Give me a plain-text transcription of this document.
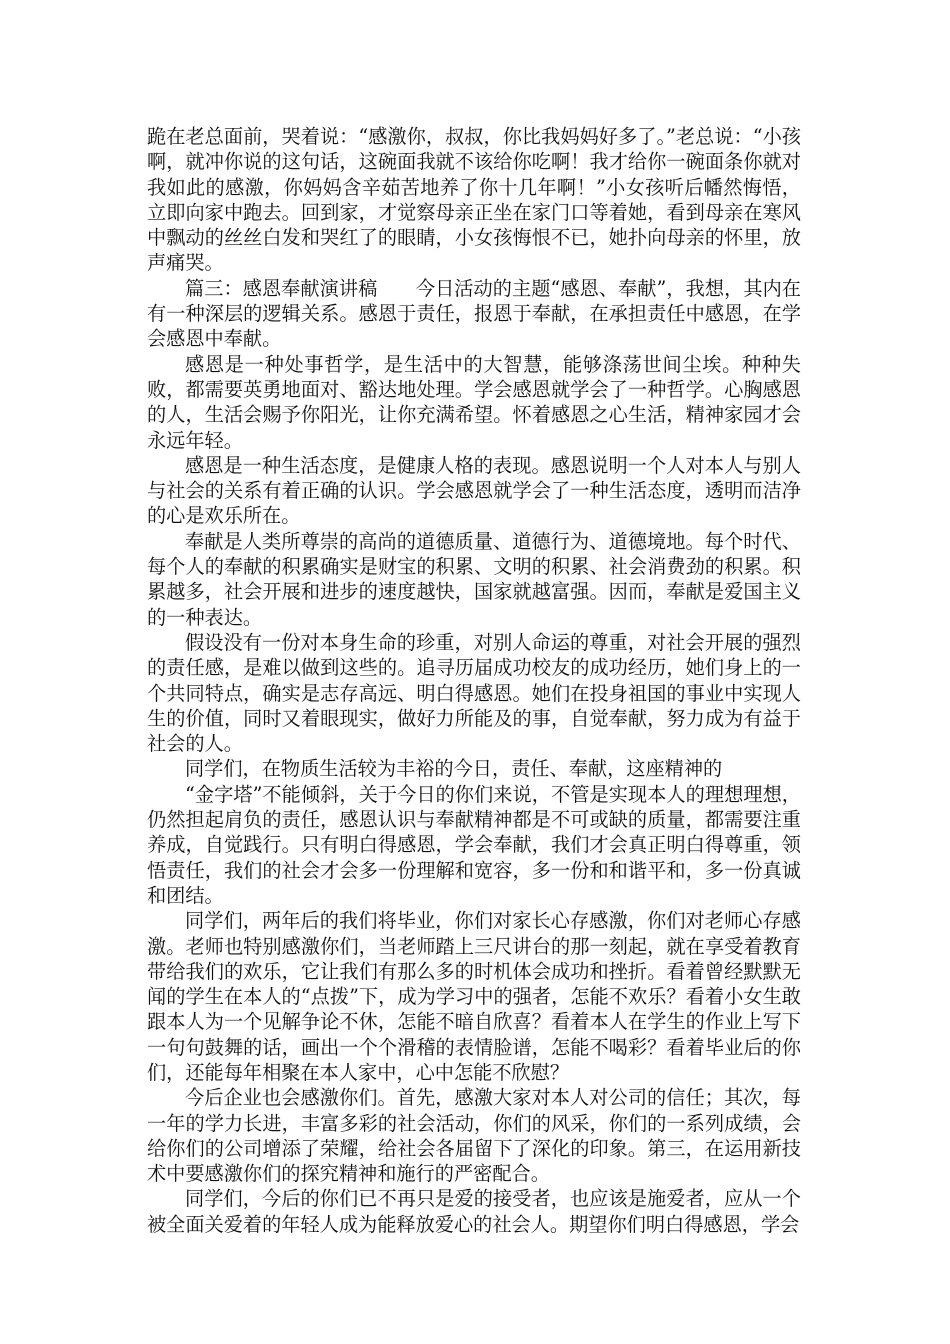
跪在老总面前，哭着说：“感激你，叔叔，你比我妈妈好多了。”老总说：“小孩啊，就冲你说的这句话，这碗面我就不该给你吃啊！我才给你一碗面条你就对我如此的感激，你妈妈含辛茹苦地养了你十几年啊！”小女孩听后幡然悔悟，立即向家中跑去。回到家，才觉察母亲正坐在家门口等着她，看到母亲在寒风中飘动的丝丝白发和哭红了的眼睛，小女孩悔恨不已，她扑向母亲的怀里，放声痛哭。

篇三：感恩奉献演讲稿　　今日活动的主题“感恩、奉献”，我想，其内在有一种深层的逻辑关系。感恩于责任，报恩于奉献，在承担责任中感恩，在学会感恩中奉献。

感恩是一种处事哲学，是生活中的大智慧，能够涤荡世间尘埃。种种失败，都需要英勇地面对、豁达地处理。学会感恩就学会了一种哲学。心胸感恩的人，生活会赐予你阳光，让你充满希望。怀着感恩之心生活，精神家园才会永远年轻。

感恩是一种生活态度，是健康人格的表现。感恩说明一个人对本人与别人与社会的关系有着正确的认识。学会感恩就学会了一种生活态度，透明而洁净的心是欢乐所在。

奉献是人类所尊崇的高尚的道德质量、道德行为、道德境地。每个时代、每个人的奉献的积累确实是财宝的积累、文明的积累、社会消费劲的积累。积累越多，社会开展和进步的速度越快，国家就越富强。因而，奉献是爱国主义的一种表达。

假设没有一份对本身生命的珍重，对别人命运的尊重，对社会开展的强烈的责任感，是难以做到这些的。追寻历届成功校友的成功经历，她们身上的一个共同特点，确实是志存高远、明白得感恩。她们在投身祖国的事业中实现人生的价值，同时又着眼现实，做好力所能及的事，自觉奉献，努力成为有益于社会的人。

同学们，在物质生活较为丰裕的今日，责任、奉献，这座精神的

“金字塔”不能倾斜，关于今日的你们来说，不管是实现本人的理想理想，仍然担起肩负的责任，感恩认识与奉献精神都是不可或缺的质量，都需要注重养成，自觉践行。只有明白得感恩，学会奉献，我们才会真正明白得尊重，领悟责任，我们的社会才会多一份理解和宽容，多一份和和谐平和，多一份真诚和团结。

同学们，两年后的我们将毕业，你们对家长心存感激，你们对老师心存感激。老师也特别感激你们，当老师踏上三尺讲台的那一刻起，就在享受着教育带给我们的欢乐，它让我们有那么多的时机体会成功和挫折。看着曾经默默无闻的学生在本人的“点拨”下，成为学习中的强者，怎能不欢乐？看着小女生敢跟本人为一个见解争论不休，怎能不暗自欣喜？看着本人在学生的作业上写下一句句鼓舞的话，画出一个个滑稽的表情脸谱，怎能不喝彩？看着毕业后的你们，还能每年相聚在本人家中，心中怎能不欣慰？

今后企业也会感激你们。首先，感激大家对本人对公司的信任；其次，每一年的学力长进，丰富多彩的社会活动，你们的风采，你们的一系列成绩，会给你们的公司增添了荣耀，给社会各届留下了深化的印象。第三，在运用新技术中要感激你们的探究精神和施行的严密配合。

同学们，今后的你们已不再只是爱的接受者，也应该是施爱者，应从一个被全面关爱着的年轻人成为能释放爱心的社会人。期望你们明白得感恩，学会
